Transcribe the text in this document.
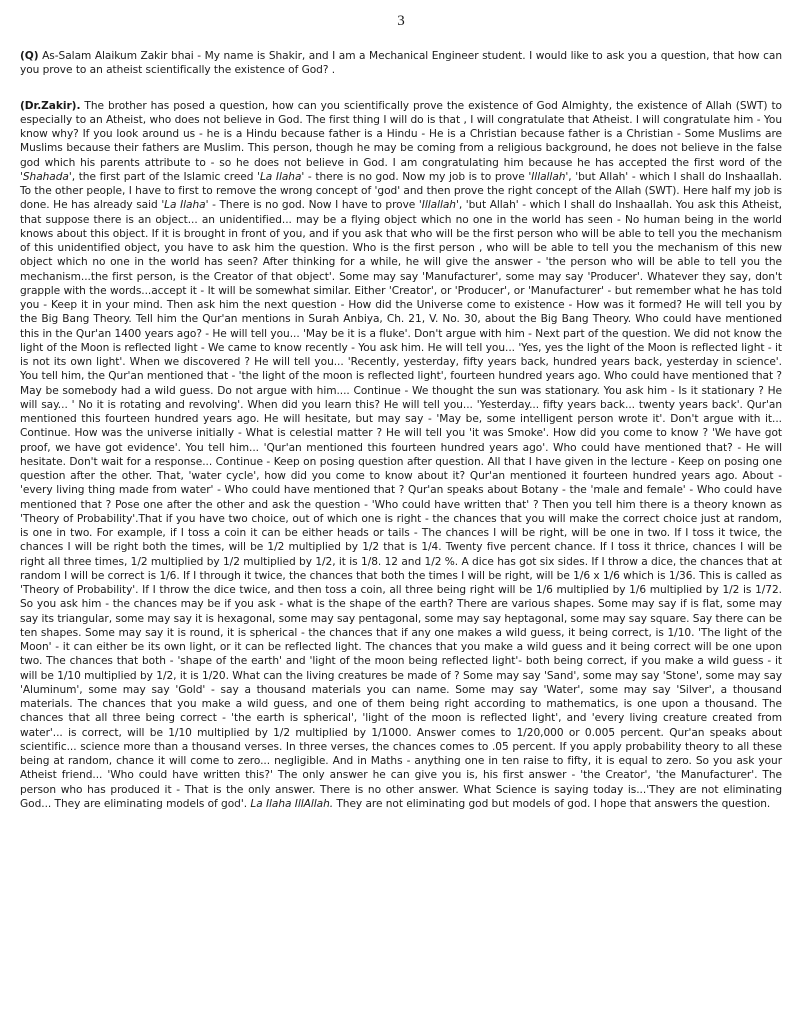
3

(Q) As-Salam Alaikum Zakir bhai - My name is Shakir, and I am a Mechanical Engineer student. I would like to ask you a question, that how can you prove to an atheist scientifically the existence of God? .

(Dr.Zakir). The brother has posed a question, how can you scientifically prove the existence of God Almighty, the existence of Allah (SWT) to especially to an Atheist, who does not believe in God. The first thing I will do is that , I will congratulate that Atheist. I will congratulate him - You know why? If you look around us - he is a Hindu because father is a Hindu - He is a Christian because father is a Christian - Some Muslims are Muslims because their fathers are Muslim. This person, though he may be coming from a religious background, he does not believe in the false god which his parents attribute to - so he does not believe in God. I am congratulating him because he has accepted the first word of the 'Shahada', the first part of the Islamic creed 'La Ilaha' - there is no god. Now my job is to prove 'Illallah', 'but Allah' - which I shall do Inshaallah. To the other people, I have to first to remove the wrong concept of 'god' and then prove the right concept of the Allah (SWT). Here half my job is done. He has already said 'La Ilaha' - There is no god. Now I have to prove 'Illallah', 'but Allah' - which I shall do Inshaallah. You ask this Atheist, that suppose there is an object... an unidentified... may be a flying object which no one in the world has seen - No human being in the world knows about this object. If it is brought in front of you, and if you ask that who will be the first person who will be able to tell you the mechanism of this unidentified object, you have to ask him the question. Who is the first person , who will be able to tell you the mechanism of this new object which no one in the world has seen? After thinking for a while, he will give the answer - 'the person who will be able to tell you the mechanism...the first person, is the Creator of that object'. Some may say 'Manufacturer', some may say 'Producer'. Whatever they say, don't grapple with the words...accept it - It will be somewhat similar. Either 'Creator', or 'Producer', or 'Manufacturer' - but remember what he has told you - Keep it in your mind. Then ask him the next question - How did the Universe come to existence - How was it formed? He will tell you by the Big Bang Theory. Tell him the Qur'an mentions in Surah Anbiya, Ch. 21, V. No. 30, about the Big Bang Theory. Who could have mentioned this in the Qur'an 1400 years ago? - He will tell you... 'May be it is a fluke'. Don't argue with him - Next part of the question. We did not know the light of the Moon is reflected light - We came to know recently - You ask him. He will tell you... 'Yes, yes the light of the Moon is reflected light - it is not its own light'. When we discovered ? He will tell you... 'Recently, yesterday, fifty years back, hundred years back, yesterday in science'. You tell him, the Qur'an mentioned that - 'the light of the moon is reflected light', fourteen hundred years ago. Who could have mentioned that ? May be somebody had a wild guess. Do not argue with him.... Continue - We thought the sun was stationary. You ask him - Is it stationary ? He will say... ' No it is rotating and revolving'. When did you learn this? He will tell you... 'Yesterday... fifty years back... twenty years back'. Qur'an mentioned this fourteen hundred years ago. He will hesitate, but may say - 'May be, some intelligent person wrote it'. Don't argue with it... Continue. How was the universe initially - What is celestial matter ? He will tell you 'it was Smoke'. How did you come to know ? 'We have got proof, we have got evidence'. You tell him... 'Qur'an mentioned this fourteen hundred years ago'. Who could have mentioned that? - He will hesitate. Don't wait for a response... Continue - Keep on posing question after question. All that I have given in the lecture - Keep on posing one question after the other. That, 'water cycle', how did you come to know about it? Qur'an mentioned it fourteen hundred years ago. About - 'every living thing made from water' - Who could have mentioned that ? Qur'an speaks about Botany - the 'male and female' - Who could have mentioned that ? Pose one after the other and ask the question - 'Who could have written that' ? Then you tell him there is a theory known as 'Theory of Probability'.That if you have two choice, out of which one is right - the chances that you will make the correct choice just at random, is one in two. For example, if I toss a coin it can be either heads or tails - The chances I will be right, will be one in two. If I toss it twice, the chances I will be right both the times, will be 1/2 multiplied by 1/2 that is 1/4. Twenty five percent chance. If I toss it thrice, chances I will be right all three times, 1/2 multiplied by 1/2 multiplied by 1/2, it is 1/8. 12 and 1/2 %. A dice has got six sides. If I throw a dice, the chances that at random I will be correct is 1/6. If I through it twice, the chances that both the times I will be right, will be 1/6 x 1/6 which is 1/36. This is called as 'Theory of Probability'. If I throw the dice twice, and then toss a coin, all three being right will be 1/6 multiplied by 1/6 multiplied by 1/2 is 1/72. So you ask him - the chances may be if you ask - what is the shape of the earth? There are various shapes. Some may say if is flat, some may say its triangular, some may say it is hexagonal, some may say pentagonal, some may say heptagonal, some may say square. Say there can be ten shapes. Some may say it is round, it is spherical - the chances that if any one makes a wild guess, it being correct, is 1/10. 'The light of the Moon' - it can either be its own light, or it can be reflected light. The chances that you make a wild guess and it being correct will be one upon two. The chances that both - 'shape of the earth' and 'light of the moon being reflected light'- both being correct, if you make a wild guess - it will be 1/10 multiplied by 1/2, it is 1/20. What can the living creatures be made of ? Some may say 'Sand', some may say 'Stone', some may say 'Aluminum', some may say 'Gold' - say a thousand materials you can name. Some may say 'Water', some may say 'Silver', a thousand materials. The chances that you make a wild guess, and one of them being right according to mathematics, is one upon a thousand. The chances that all three being correct - 'the earth is spherical', 'light of the moon is reflected light', and 'every living creature created from water'... is correct, will be 1/10 multiplied by 1/2 multiplied by 1/1000. Answer comes to 1/20,000 or 0.005 percent. Qur'an speaks about scientific... science more than a thousand verses. In three verses, the chances comes to .05 percent. If you apply probability theory to all these being at random, chance it will come to zero... negligible. And in Maths - anything one in ten raise to fifty, it is equal to zero. So you ask your Atheist friend... 'Who could have written this?' The only answer he can give you is, his first answer - 'the Creator', 'the Manufacturer'. The person who has produced it - That is the only answer. There is no other answer. What Science is saying today is...'They are not eliminating God... They are eliminating models of god'. La Ilaha IllAllah. They are not eliminating god but models of god. I hope that answers the question.
